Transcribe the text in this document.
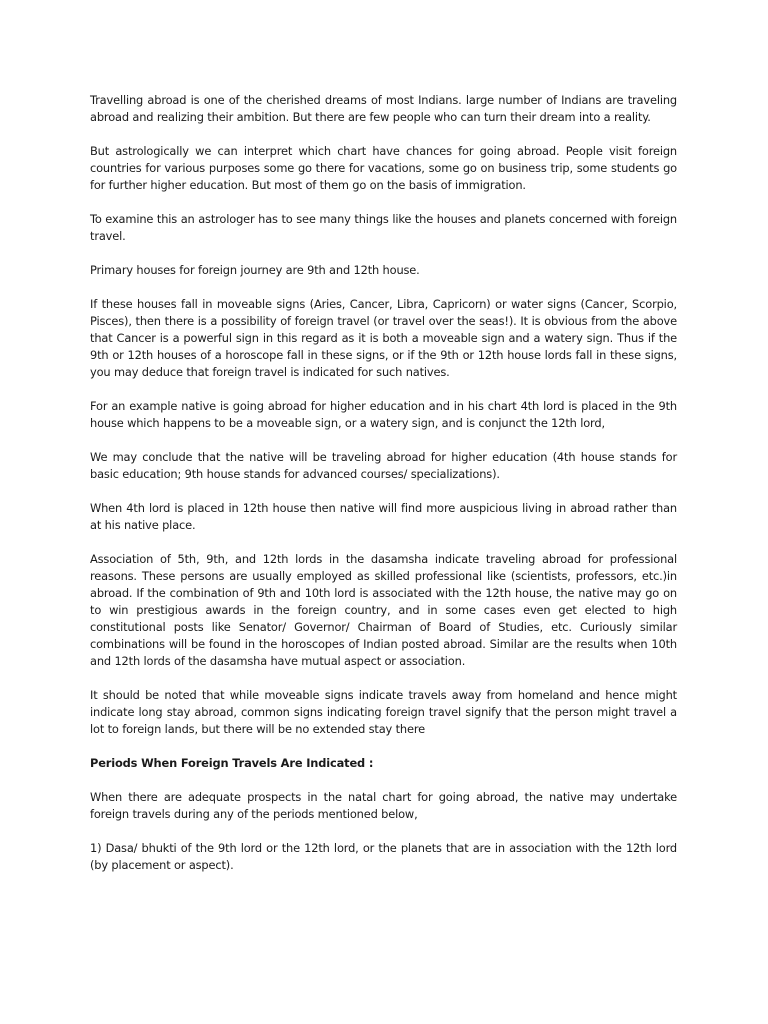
Travelling abroad is one of the cherished dreams of most Indians. large number of Indians are traveling abroad and realizing their ambition. But there are few people who can turn their dream into a reality.

But astrologically we can interpret which chart have chances for going abroad. People visit foreign countries for various purposes some go there for vacations, some go on business trip, some students go for further higher education. But most of them go on the basis of immigration.

To examine this an astrologer has to see many things like the houses and planets concerned with foreign travel.

Primary houses for foreign journey are 9th and 12th house.

If these houses fall in moveable signs (Aries, Cancer, Libra, Capricorn) or water signs (Cancer, Scorpio, Pisces), then there is a possibility of foreign travel (or travel over the seas!). It is obvious from the above that Cancer is a powerful sign in this regard as it is both a moveable sign and a watery sign. Thus if the 9th or 12th houses of a horoscope fall in these signs, or if the 9th or 12th house lords fall in these signs, you may deduce that foreign travel is indicated for such natives.

For an example native is going abroad for higher education and in his chart 4th lord is placed in the 9th house which happens to be a moveable sign, or a watery sign, and is conjunct the 12th lord,

We may conclude that the native will be traveling abroad for higher education (4th house stands for basic education; 9th house stands for advanced courses/ specializations).

When 4th lord is placed in 12th house then native will find more auspicious living in abroad rather than at his native place.

Association of 5th, 9th, and 12th lords in the dasamsha indicate traveling abroad for professional reasons. These persons are usually employed as skilled professional like (scientists, professors, etc.)in abroad. If the combination of 9th and 10th lord is associated with the 12th house, the native may go on to win prestigious awards in the foreign country, and in some cases even get elected to high constitutional posts like Senator/ Governor/ Chairman of Board of Studies, etc. Curiously similar combinations will be found in the horoscopes of Indian posted abroad. Similar are the results when 10th and 12th lords of the dasamsha have mutual aspect or association.

It should be noted that while moveable signs indicate travels away from homeland and hence might indicate long stay abroad, common signs indicating foreign travel signify that the person might travel a lot to foreign lands, but there will be no extended stay there

Periods When Foreign Travels Are Indicated :

When there are adequate prospects in the natal chart for going abroad, the native may undertake foreign travels during any of the periods mentioned below,

1) Dasa/ bhukti of the 9th lord or the 12th lord, or the planets that are in association with the 12th lord (by placement or aspect).
